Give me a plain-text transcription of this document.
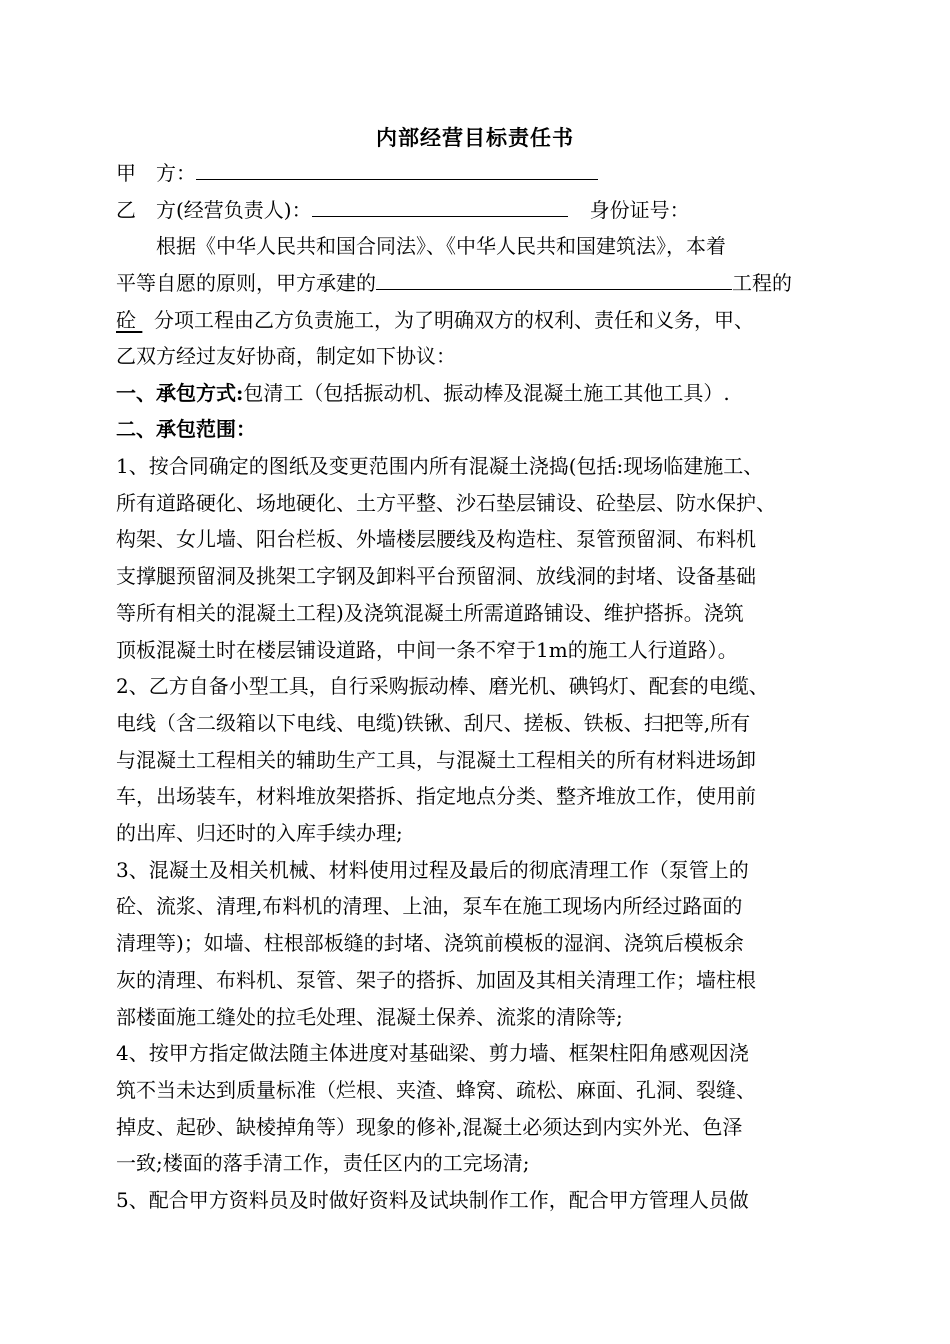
内部经营目标责任书
甲　方：
乙　方(经营负责人)：	身份证号：
根据《中华人民共和国合同法》、《中华人民共和国建筑法》，本着
平等自愿的原则，甲方承建的	工程的
砼 分项工程由乙方负责施工，为了明确双方的权利、责任和义务，甲、
乙双方经过友好协商，制定如下协议：
一、承包方式:包清工（包括振动机、振动棒及混凝土施工其他工具）.
二、承包范围：
1、按合同确定的图纸及变更范围内所有混凝土浇捣(包括:现场临建施工、
所有道路硬化、场地硬化、土方平整、沙石垫层铺设、砼垫层、防水保护、
构架、女儿墙、阳台栏板、外墙楼层腰线及构造柱、泵管预留洞、布料机
支撑腿预留洞及挑架工字钢及卸料平台预留洞、放线洞的封堵、设备基础
等所有相关的混凝土工程)及浇筑混凝土所需道路铺设、维护搭拆。浇筑
顶板混凝土时在楼层铺设道路，中间一条不窄于1m的施工人行道路）。
2、乙方自备小型工具，自行采购振动棒、磨光机、碘钨灯、配套的电缆、
电线（含二级箱以下电线、电缆)铁锹、刮尺、搓板、铁板、扫把等,所有
与混凝土工程相关的辅助生产工具，与混凝土工程相关的所有材料进场卸
车，出场装车，材料堆放架搭拆、指定地点分类、整齐堆放工作，使用前
的出库、归还时的入库手续办理;
3、混凝土及相关机械、材料使用过程及最后的彻底清理工作（泵管上的
砼、流浆、清理,布料机的清理、上油，泵车在施工现场内所经过路面的
清理等)；如墙、柱根部板缝的封堵、浇筑前模板的湿润、浇筑后模板余
灰的清理、布料机、泵管、架子的搭拆、加固及其相关清理工作；墙柱根
部楼面施工缝处的拉毛处理、混凝土保养、流浆的清除等;
4、按甲方指定做法随主体进度对基础梁、剪力墙、框架柱阳角感观因浇
筑不当未达到质量标准（烂根、夹渣、蜂窝、疏松、麻面、孔洞、裂缝、
掉皮、起砂、缺棱掉角等）现象的修补,混凝土必须达到内实外光、色泽
一致;楼面的落手清工作，责任区内的工完场清;
5、配合甲方资料员及时做好资料及试块制作工作，配合甲方管理人员做
